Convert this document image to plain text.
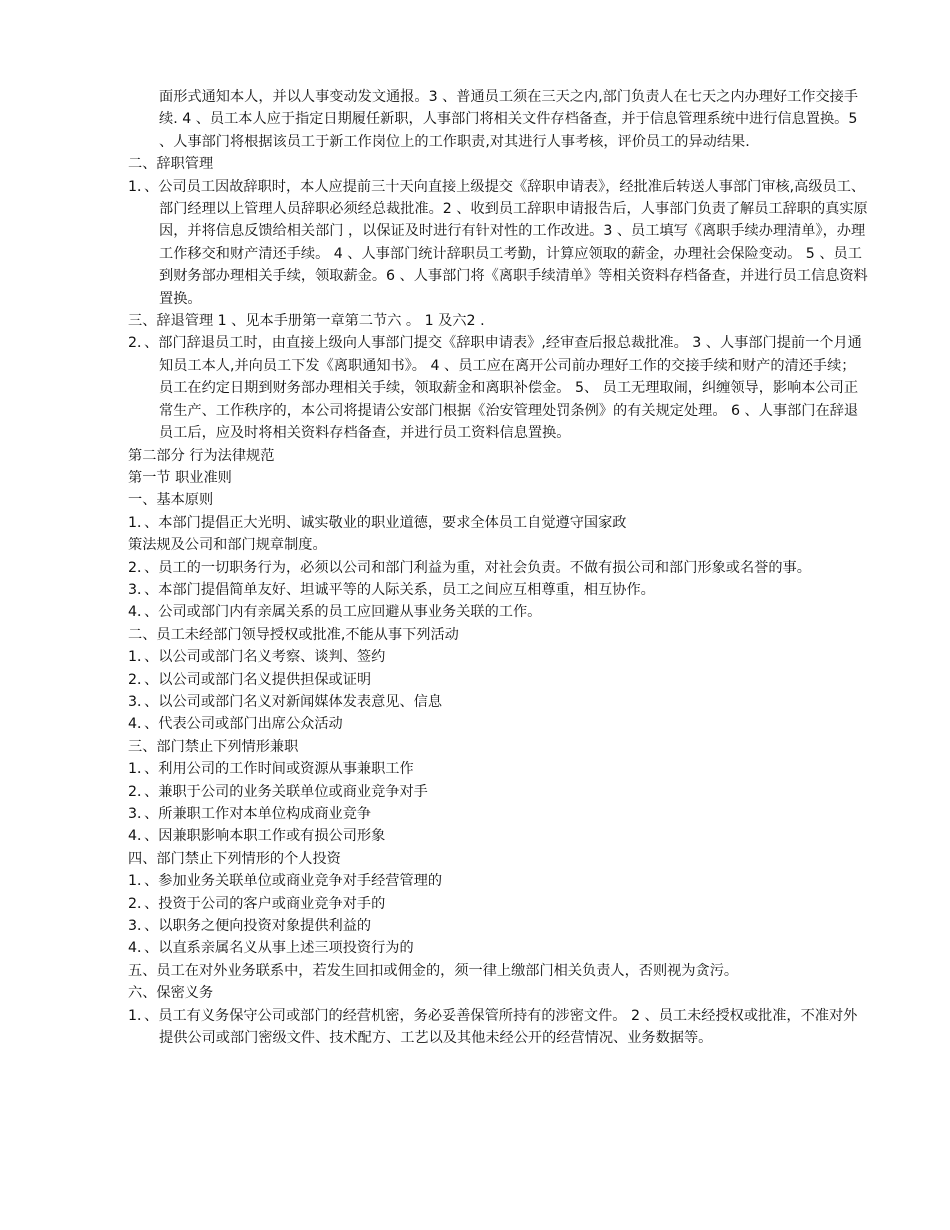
面形式通知本人，并以人事变动发文通报。3 、普通员工须在三天之内,部门负责人在七天之内办理好工作交接手续. 4 、员工本人应于指定日期履任新职，人事部门将相关文件存档备查，并于信息管理系统中进行信息置换。5 、人事部门将根据该员工于新工作岗位上的工作职责,对其进行人事考核，评价员工的异动结果.
二、辞职管理
1．、公司员工因故辞职时，本人应提前三十天向直接上级提交《辞职申请表》，经批准后转送人事部门审核,高级员工、部门经理以上管理人员辞职必须经总裁批准。2 、收到员工辞职申请报告后，人事部门负责了解员工辞职的真实原因，并将信息反馈给相关部门 ，以保证及时进行有针对性的工作改进。3 、员工填写《离职手续办理清单》，办理工作移交和财产清还手续。 4 、人事部门统计辞职员工考勤，计算应领取的薪金，办理社会保险变动。 5 、员工到财务部办理相关手续，领取薪金。6 、人事部门将《离职手续清单》等相关资料存档备查，并进行员工信息资料置换。
三、辞退管理 1 、见本手册第一章第二节六 。 1 及六2 .
2．、部门辞退员工时，由直接上级向人事部门提交《辞职申请表》,经审查后报总裁批准。 3 、人事部门提前一个月通知员工本人,并向员工下发《离职通知书》。 4 、员工应在离开公司前办理好工作的交接手续和财产的清还手续；员工在约定日期到财务部办理相关手续，领取薪金和离职补偿金。 5、 员工无理取闹，纠缠领导，影响本公司正常生产、工作秩序的，本公司将提请公安部门根据《治安管理处罚条例》的有关规定处理。 6 、人事部门在辞退员工后，应及时将相关资料存档备查，并进行员工资料信息置换。
第二部分 行为法律规范
第一节 职业准则
一、基本原则
1．、本部门提倡正大光明、诚实敬业的职业道德，要求全体员工自觉遵守国家政
策法规及公司和部门规章制度。
2．、员工的一切职务行为，必须以公司和部门利益为重，对社会负责。不做有损公司和部门形象或名誉的事。
3．、本部门提倡简单友好、坦诚平等的人际关系，员工之间应互相尊重，相互协作。
4．、公司或部门内有亲属关系的员工应回避从事业务关联的工作。
二、员工未经部门领导授权或批准,不能从事下列活动
1．、以公司或部门名义考察、谈判、签约
2．、以公司或部门名义提供担保或证明
3．、以公司或部门名义对新闻媒体发表意见、信息
4．、代表公司或部门出席公众活动
三、部门禁止下列情形兼职
1．、利用公司的工作时间或资源从事兼职工作
2．、兼职于公司的业务关联单位或商业竞争对手
3．、所兼职工作对本单位构成商业竞争
4．、因兼职影响本职工作或有损公司形象
四、部门禁止下列情形的个人投资
1．、参加业务关联单位或商业竞争对手经营管理的
2．、投资于公司的客户或商业竞争对手的
3．、以职务之便向投资对象提供利益的
4．、以直系亲属名义从事上述三项投资行为的
五、员工在对外业务联系中，若发生回扣或佣金的，须一律上缴部门相关负责人，否则视为贪污。
六、保密义务
1．、员工有义务保守公司或部门的经营机密，务必妥善保管所持有的涉密文件。 2 、员工未经授权或批准，不准对外提供公司或部门密级文件、技术配方、工艺以及其他未经公开的经营情况、业务数据等。
